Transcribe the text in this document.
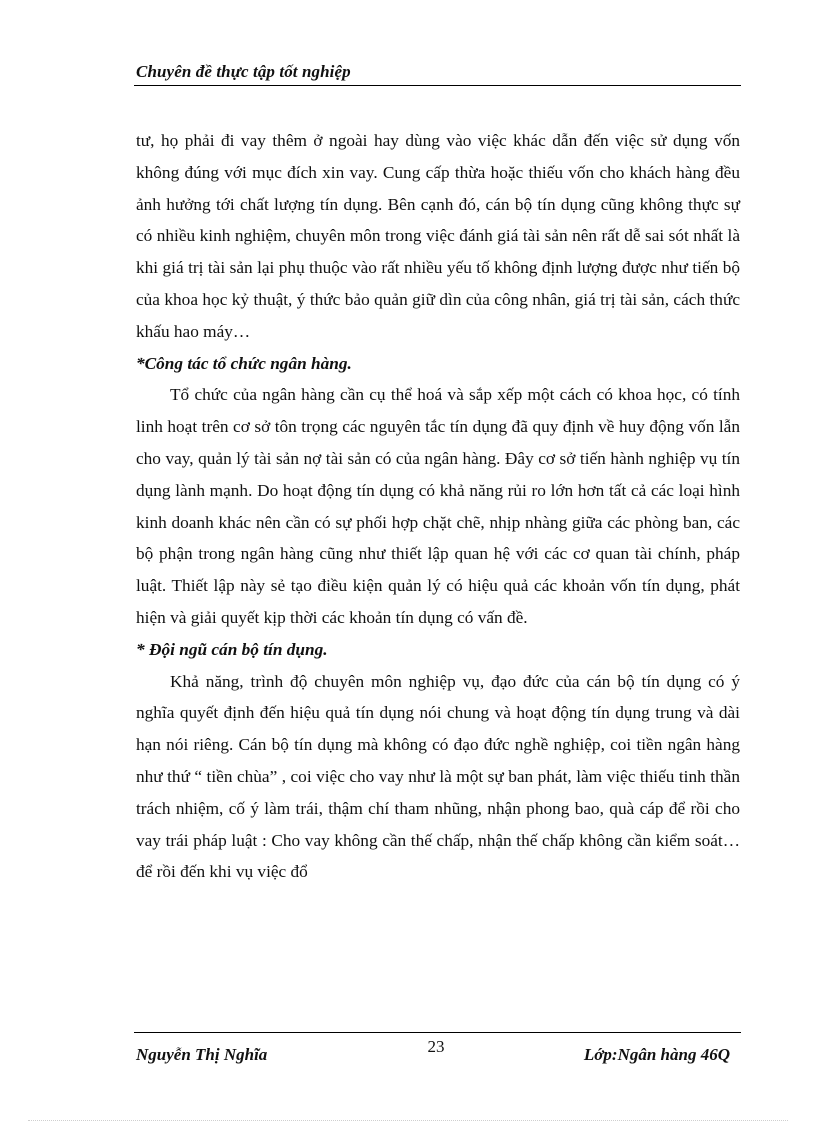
Chuyên đề thực tập tốt nghiệp

tư, họ phải đi vay thêm ở ngoài hay dùng vào việc khác dẫn đến việc sử dụng vốn không đúng với mục đích xin vay. Cung cấp thừa hoặc thiếu vốn cho khách hàng đều ảnh hưởng tới chất lượng tín dụng. Bên cạnh đó, cán bộ tín dụng cũng không thực sự có nhiều kinh nghiệm, chuyên môn trong việc đánh giá tài sản nên rất dễ sai sót nhất là khi giá trị tài sản lại phụ thuộc vào rất nhiều yếu tố không định lượng được như tiến bộ của khoa học kỷ thuật, ý thức bảo quản giữ dìn của công nhân, giá trị tài sản, cách thức khấu hao máy…

*Công tác tổ chức ngân hàng.

Tổ chức của ngân hàng cần cụ thể hoá và sắp xếp một cách có khoa học, có tính linh hoạt trên cơ sở tôn trọng các nguyên tắc tín dụng đã quy định về huy động vốn lẫn cho vay, quản lý tài sản nợ tài sản có của ngân hàng. Đây cơ sở tiến hành nghiệp vụ tín dụng lành mạnh. Do hoạt động tín dụng có khả năng rủi ro lớn hơn tất cả các loại hình kinh doanh khác nên cần có sự phối hợp chặt chẽ, nhịp nhàng giữa các phòng ban, các bộ phận trong ngân hàng cũng như thiết lập quan hệ với các cơ quan tài chính, pháp luật. Thiết lập này sẻ tạo điều kiện quản lý có hiệu quả các khoản vốn tín dụng, phát hiện và giải quyết kịp thời các khoản tín dụng có vấn đề.

* Đội ngũ cán bộ tín dụng.

Khả năng, trình độ chuyên môn nghiệp vụ, đạo đức của cán bộ tín dụng có ý nghĩa quyết định đến hiệu quả tín dụng nói chung và hoạt động tín dụng trung và dài hạn nói riêng. Cán bộ tín dụng mà không có đạo đức nghề nghiệp, coi tiền ngân hàng như thứ “ tiền chùa” , coi việc cho vay như là một sự ban phát, làm việc thiếu tinh thần trách nhiệm, cố ý làm trái, thậm chí tham nhũng, nhận phong bao, quà cáp để rồi cho vay trái pháp luật : Cho vay không cần thế chấp, nhận thế chấp không cần kiểm soát… để rồi đến khi vụ việc đổ

23
Nguyễn Thị Nghĩa	Lớp:Ngân hàng 46Q
